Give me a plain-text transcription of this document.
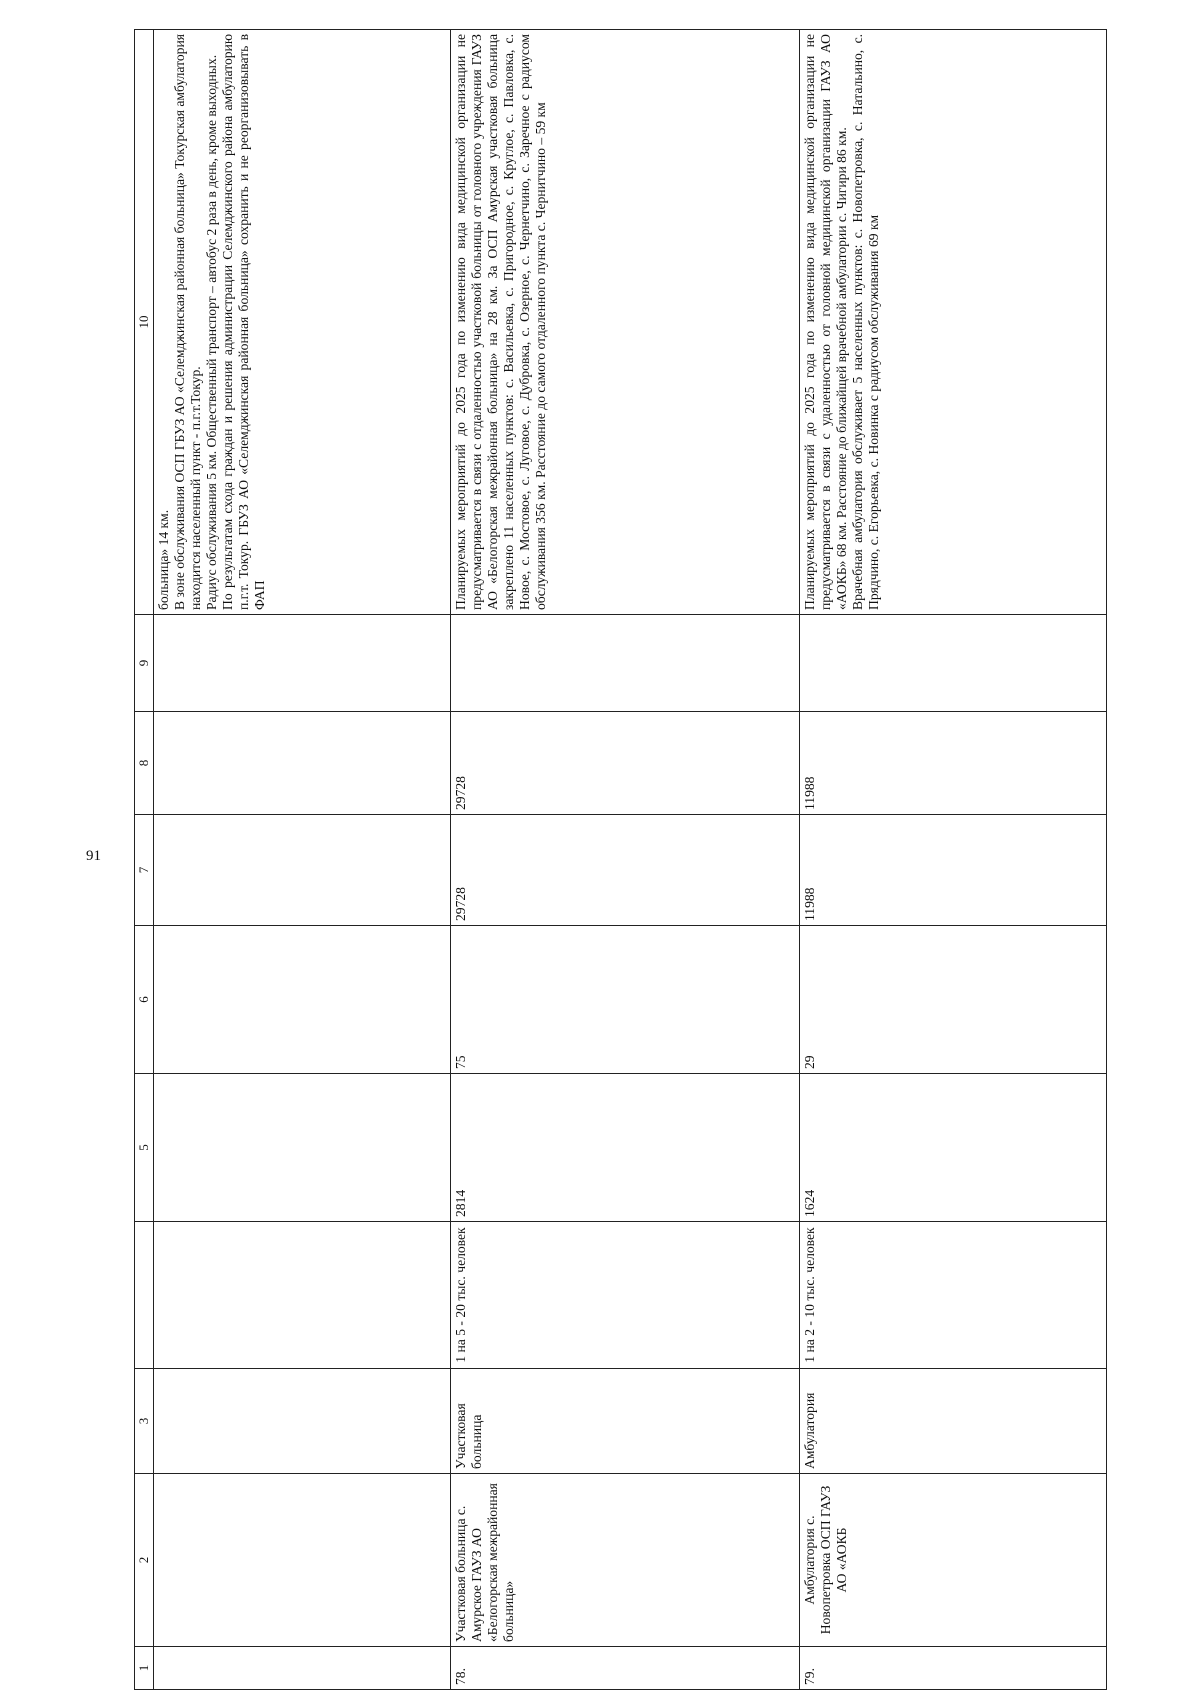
91
1	2	3		5	6	7	8	9	10
									больница» 14 км.
В зоне обслуживания ОСП ГБУЗ АО «Селемджинская районная больница» Токурская амбулатория находится населенный пункт - п.г.т.Токур.
Радиус обслуживания 5 км. Общественный транспорт – автобус 2 раза в день, кроме выходных.
По результатам схода граждан и решения администрации Селемджинского района амбулаторию п.г.т. Токур. ГБУЗ АО «Селемджинская районная больница» сохранить и не реорганизовывать в ФАП
78.	Участковая больница с. Амурское ГАУЗ АО «Белогорская межрайонная больница»	Участковая больница	1 на 5 - 20 тыс. человек	2814	75	29728	29728		Планируемых мероприятий до 2025 года по изменению вида медицинской организации не предусматривается в связи с отдаленностью участковой больницы от головного учреждения ГАУЗ АО «Белогорская межрайонная больница» на 28 км. За ОСП Амурская участковая больница закреплено 11 населенных пунктов: с. Васильевка, с. Пригородное, с. Круглое, с. Павловка, с. Новое, с. Мостовое, с. Луговое, с. Дубровка, с. Озерное, с. Чернетчино, с. Заречное с радиусом обслуживания 356 км. Расстояние до самого отдаленного пункта с. Чернитчино – 59 км
79.	Амбулатория с. Новопетровка ОСП ГАУЗ АО «АОКБ	Амбулатория	1 на 2 - 10 тыс. человек	1624	29	11988	11988		Планируемых мероприятий до 2025 года по изменению вида медицинской организации не предусматривается в связи с удаленностью от головной медицинской организации ГАУЗ АО «АОКБ» 68 км. Расстояние до ближайщей врачебной амбулатории с. Чигири 86 км.
Врачебная амбулатория обслуживает 5 населенных пунктов: с. Новопетровка, с. Натальино, с. Прядчино, с. Егорьевка, с. Новинка с радиусом обслуживания 69 км
